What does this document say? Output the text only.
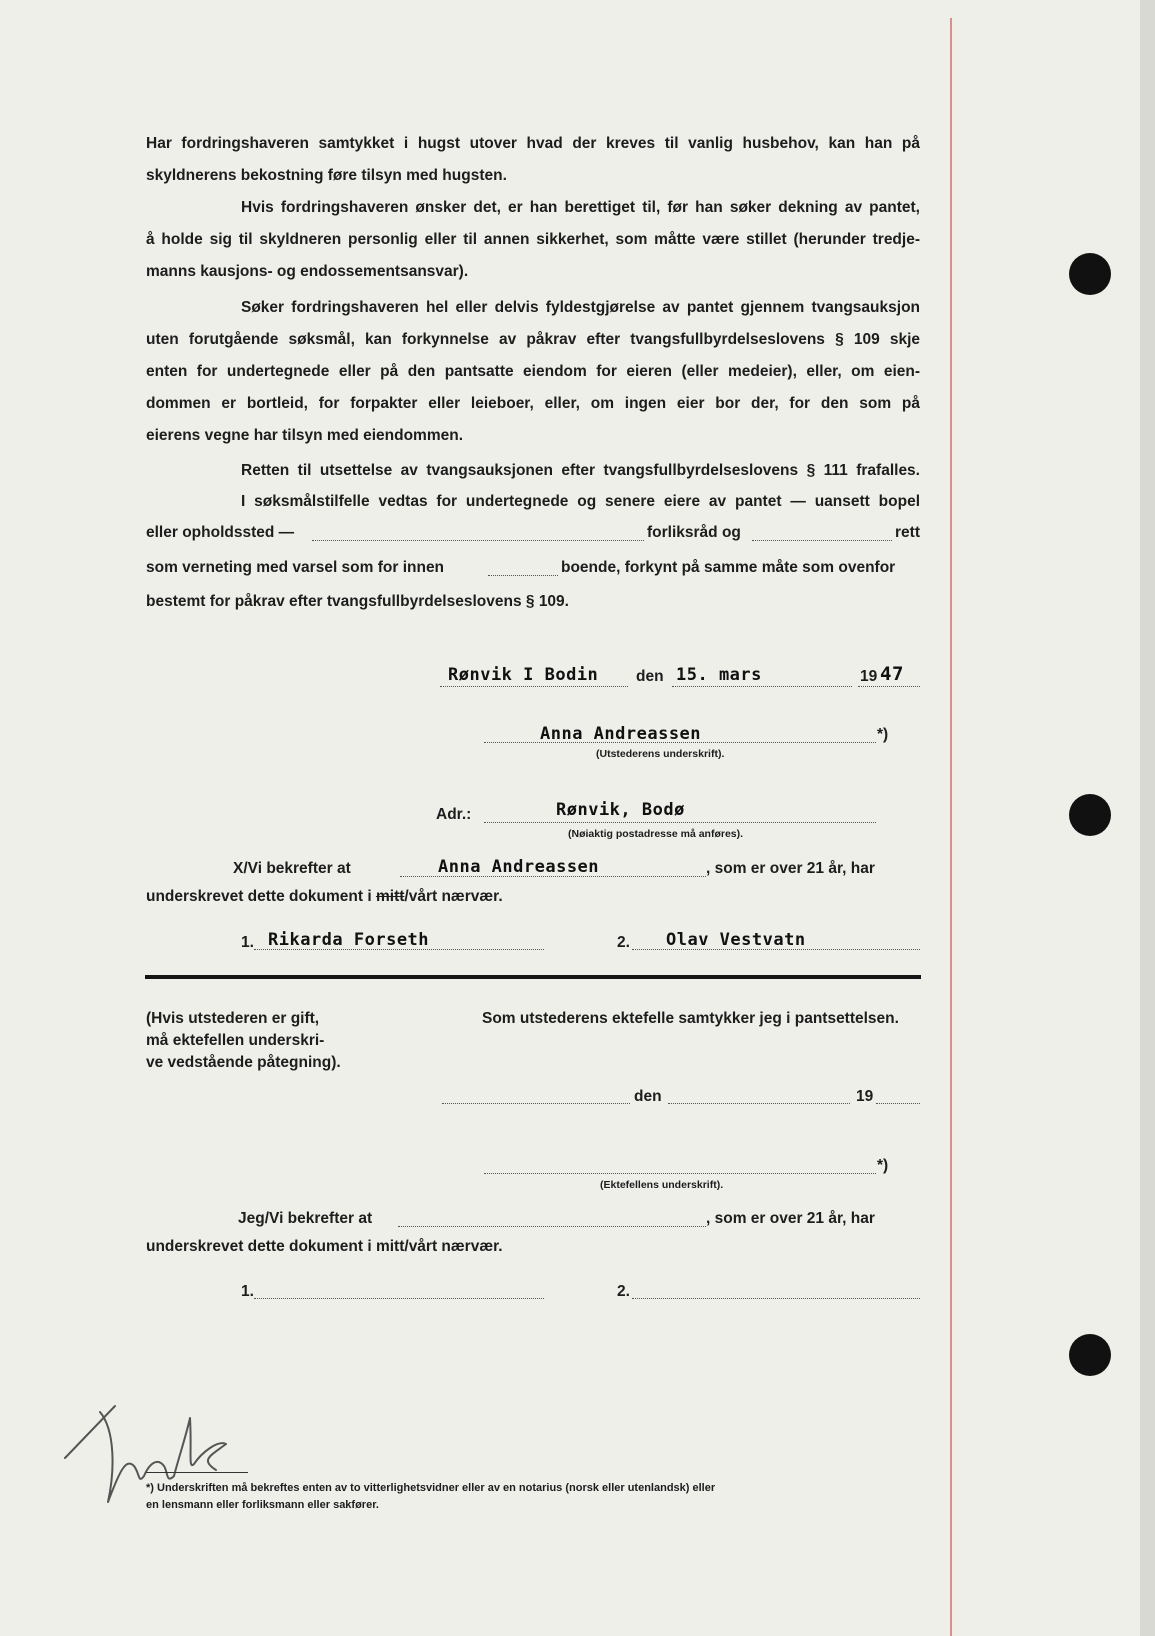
Har fordringshaveren samtykket i hugst utover hvad der kreves til vanlig husbehov, kan han på

skyldnerens bekostning føre tilsyn med hugsten.

Hvis fordringshaveren ønsker det, er han berettiget til, før han søker dekning av pantet,

å holde sig til skyldneren personlig eller til annen sikkerhet, som måtte være stillet (herunder tredje-

manns kausjons- og endossementsansvar).

Søker fordringshaveren hel eller delvis fyldestgjørelse av pantet gjennem tvangsauksjon

uten forutgående søksmål, kan forkynnelse av påkrav efter tvangsfullbyrdelseslovens § 109 skje

enten for undertegnede eller på den pantsatte eiendom for eieren (eller medeier), eller, om eien-

dommen er bortleid, for forpakter eller leieboer, eller, om ingen eier bor der, for den som på

eierens vegne har tilsyn med eiendommen.

Retten til utsettelse av tvangsauksjonen efter tvangsfullbyrdelseslovens § 111 frafalles.

I søksmålstilfelle vedtas for undertegnede og senere eiere av pantet — uansett bopel

eller opholdssted —	forliksråd og	rett
som verneting med varsel som for innen	boende, forkynt på samme måte som ovenfor

bestemt for påkrav efter tvangsfullbyrdelseslovens § 109.

Rønvik I Bodin den 15. mars	19 47
Anna Andreassen	*)
(Utstederens underskrift).
Adr.:	Rønvik, Bodø
(Nøiaktig postadresse må anføres).
X/Vi bekrefter at	Anna Andreassen	, som er over 21 år, har
underskrevet dette dokument i mitt/vårt nærvær.
1. Rikarda Forseth	2. Olav Vestvatn
(Hvis utstederen er gift,
må ektefellen underskri-
ve vedstående påtegning).
Som utstederens ektefelle samtykker jeg i pantsettelsen.
den	19
*)
(Ektefellens underskrift).
Jeg/Vi bekrefter at	, som er over 21 år, har
underskrevet dette dokument i mitt/vårt nærvær.
1.	2.
Vmk

*) Underskriften må bekreftes enten av to vitterlighetsvidner eller av en notarius (norsk eller utenlandsk) eller

en lensmann eller forliksmann eller sakfører.
